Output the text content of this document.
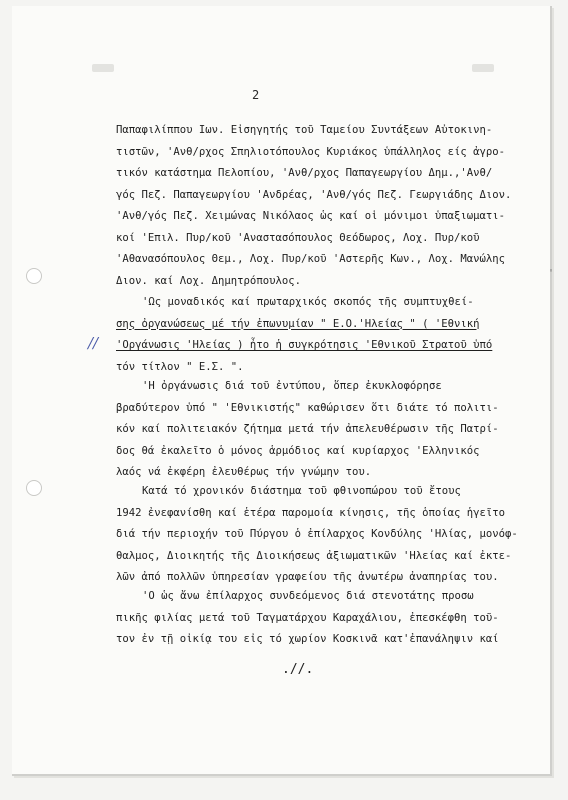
'
2
Παπαφιλίππου Ιων. Εἰσηγητής τοῦ Ταμείου Συντάξεων Αὐτοκινη-
τιστῶν, 'Ανθ/ρχος Σπηλιοτόπουλος Κυριάκος ὑπάλληλος είς ἀγρο-
τικόν κατάστημα Πελοπίου, 'Ανθ/ρχος Παπαγεωργίου Δημ.,'Ανθ/
γός Πεζ. Παπαγεωργίου 'Ανδρέας, 'Ανθ/γός Πεζ. Γεωργιάδης Διον.
'Ανθ/γός Πεζ. Χειμώνας Νικόλαος ὡς καί οἱ μόνιμοι ὑπαξιωματι-
κοί 'Επιλ. Πυρ/κοῦ 'Αναστασόπουλος Θεόδωρος, Λοχ. Πυρ/κοῦ
'Αθανασόπουλος Θεμ., Λοχ. Πυρ/κοῦ 'Αστερῆς Κων., Λοχ. Μανώλης
Διον. καί Λοχ. Δημητρόπουλος.
'Ως μοναδικός καί πρωταρχικός σκοπός τῆς συμπτυχθεί-
σης ὀργανώσεως μέ τήν ἐπωνυμίαν " Ε.Ο.'Ηλείας " ( 'Εθνική
'Οργάνωσις 'Ηλείας ) ἦτο ἡ συγκρότησις 'Εθνικοῦ Στρατοῦ ὑπό
τόν τίτλον " Ε.Σ. ".
//
'Η ὀργάνωσις διά τοῦ ἐντύπου, ὅπερ ἐκυκλοφόρησε
βραδύτερον ὑπό " 'Εθνικιστής" καθώρισεν ὅτι διάτε τό πολιτι-
κόν καί πολιτειακόν ζήτημα μετά τήν ἀπελευθέρωσιν τῆς Πατρί-
δος θά ἐκαλεῖτο ὁ μόνος ἁρμόδιος καί κυρίαρχος 'Ελληνικός
λαός νά ἐκφέρη ἐλευθέρως τήν γνώμην του.
Κατά τό χρονικόν διάστημα τοῦ φθινοπώρου τοῦ ἔτους
1942 ἐνεφανίσθη καί ἑτέρα παρομοία κίνησις, τῆς ὁποίας ἡγεῖτο
διά τήν περιοχήν τοῦ Πύργου ὁ ἐπίλαρχος Κονδύλης 'Ηλίας, μονόφ-
θαλμος, Διοικητής τῆς Διοικήσεως ἀξιωματικῶν 'Ηλείας καί ἐκτε-
λῶν ἀπό πολλῶν ὑπηρεσίαν γραφείου τῆς ἀνωτέρω ἀναπηρίας του.
'Ο ὡς ἄνω ἐπίλαρχος συνδεόμενος διά στενοτάτης προσω
πικῆς φιλίας μετά τοῦ Ταγματάρχου Καραχάλιου, ἐπεσκέφθη τοῦ-
τον ἐν τῇ οἰκίᾳ του εἰς τό χωρίον Κοσκινᾶ κατ'ἐπανάληψιν καί
.//.
